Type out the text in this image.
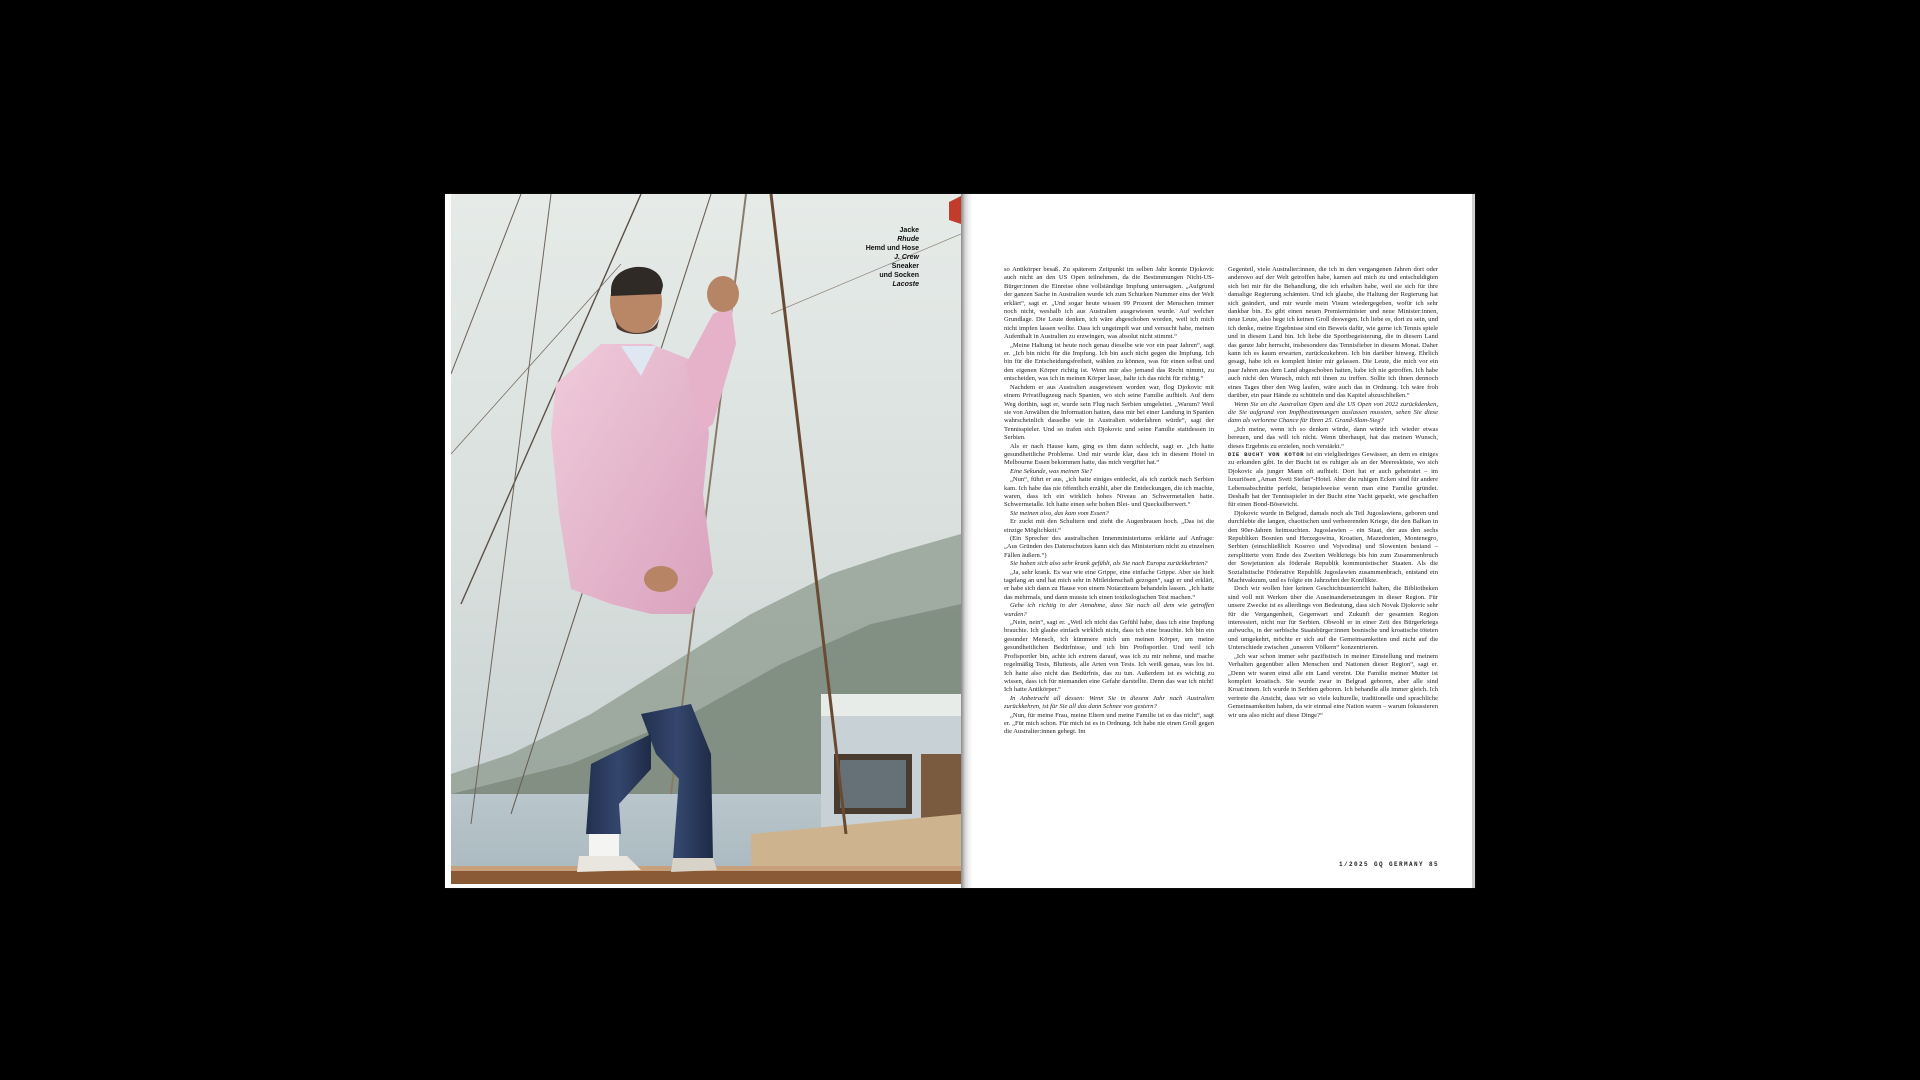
Jacke
Rhude
Hemd und Hose
J. Crew
Sneaker
und Socken
Lacoste

so Antikörper besaß. Zu späterem Zeitpunkt im selben Jahr konnte Djokovic auch nicht an den US Open teilnehmen, da die Bestimmungen Nicht-US-Bürger:innen die Einreise ohne vollständige Impfung untersagten. „Aufgrund der ganzen Sache in Australien wurde ich zum Schurken Nummer eins der Welt erklärt“, sagt er. „Und sogar heute wissen 99 Prozent der Menschen immer noch nicht, weshalb ich aus Australien ausgewiesen wurde. Auf welcher Grundlage. Die Leute denken, ich wäre abgeschoben worden, weil ich mich nicht impfen lassen wollte. Dass ich ungeimpft war und versucht habe, meinen Aufenthalt in Australien zu erzwingen, was absolut nicht stimmt.“

„Meine Haltung ist heute noch genau dieselbe wie vor ein paar Jahren“, sagt er. „Ich bin nicht für die Impfung. Ich bin auch nicht gegen die Impfung. Ich bin für die Entscheidungsfreiheit, wählen zu können, was für einen selbst und den eigenen Körper richtig ist. Wenn mir also jemand das Recht nimmt, zu entscheiden, was ich in meinen Körper lasse, halte ich das nicht für richtig.“

Nachdem er aus Australien ausgewiesen worden war, flog Djokovic mit einem Privatflugzeug nach Spanien, wo sich seine Familie aufhielt. Auf dem Weg dorthin, sagt er, wurde sein Flug nach Serbien umgeleitet. „Warum? Weil sie von Anwälten die Information hatten, dass mir bei einer Landung in Spanien wahrscheinlich dasselbe wie in Australien widerfahren würde“, sagt der Tennisspieler. Und so trafen sich Djokovic und seine Familie stattdessen in Serbien.

Als er nach Hause kam, ging es ihm dann schlecht, sagt er. „Ich hatte gesundheitliche Probleme. Und mir wurde klar, dass ich in diesem Hotel in Melbourne Essen bekommen hatte, das mich vergiftet hat.“

Eine Sekunde, was meinen Sie?

„Nun“, führt er aus, „ich hatte einiges entdeckt, als ich zurück nach Serbien kam. Ich habe das nie öffentlich erzählt, aber die Entdeckungen, die ich machte, waren, dass ich ein wirklich hohes Niveau an Schwermetallen hatte. Schwermetalle. Ich hatte einen sehr hohen Blei- und Quecksilberwert.“

Sie meinen also, das kam vom Essen?

Er zuckt mit den Schultern und zieht die Augenbrauen hoch. „Das ist die einzige Möglichkeit.“

(Ein Sprecher des australischen Innenministeriums erklärte auf Anfrage: „Aus Gründen des Datenschutzes kann sich das Ministerium nicht zu einzelnen Fällen äußern.“)

Sie haben sich also sehr krank gefühlt, als Sie nach Europa zurückkehrten?

„Ja, sehr krank. Es war wie eine Grippe, eine einfache Grippe. Aber sie hielt tagelang an und hat mich sehr in Mitleidenschaft gezogen“, sagt er und erklärt, er habe sich dann zu Hause von einem Notarztteam behandeln lassen. „Ich hatte das mehrmals, und dann musste ich einen toxikologischen Test machen.“

Gehe ich richtig in der Annahme, dass Sie nach all dem wie getroffen wurden?

„Nein, nein“, sagt er. „Weil ich nicht das Gefühl habe, dass ich eine Impfung brauchte. Ich glaube einfach wirklich nicht, dass ich eine brauchte. Ich bin ein gesunder Mensch, ich kümmere mich um meinen Körper, um meine gesundheitlichen Bedürfnisse, und ich bin Profisportler. Und weil ich Profisportler bin, achte ich extrem darauf, was ich zu mir nehme, und mache regelmäßig Tests, Bluttests, alle Arten von Tests. Ich weiß genau, was los ist. Ich hatte also nicht das Bedürfnis, das zu tun. Außerdem ist es wichtig zu wissen, dass ich für niemanden eine Gefahr darstellte. Denn das war ich nicht! Ich hatte Antikörper.“

In Anbetracht all dessen: Wenn Sie in diesem Jahr nach Australien zurückkehren, ist für Sie all das dann Schnee von gestern?

„Nun, für meine Frau, meine Eltern und meine Familie ist es das nicht“, sagt er. „Für mich schon. Für mich ist es in Ordnung. Ich habe nie einen Groll gegen die Australier:innen gehegt. Im

Gegenteil, viele Australier:innen, die ich in den vergangenen Jahren dort oder anderswo auf der Welt getroffen habe, kamen auf mich zu und entschuldigten sich bei mir für die Behandlung, die ich erhalten habe, weil sie sich für ihre damalige Regierung schämten. Und ich glaube, die Haltung der Regierung hat sich geändert, und mir wurde mein Visum wiedergegeben, wofür ich sehr dankbar bin. Es gibt einen neuen Premierminister und neue Minister:innen, neue Leute, also hege ich keinen Groll deswegen. Ich liebe es, dort zu sein, und ich denke, meine Ergebnisse sind ein Beweis dafür, wie gerne ich Tennis spiele und in diesem Land bin. Ich liebe die Sportbegeisterung, die in diesem Land das ganze Jahr herrscht, insbesondere das Tennisfieber in diesem Monat. Daher kann ich es kaum erwarten, zurückzukehren. Ich bin darüber hinweg. Ehrlich gesagt, habe ich es komplett hinter mir gelassen. Die Leute, die mich vor ein paar Jahren aus dem Land abgeschoben hatten, habe ich nie getroffen. Ich habe auch nicht den Wunsch, mich mit ihnen zu treffen. Sollte ich ihnen dennoch eines Tages über den Weg laufen, wäre auch das in Ordnung. Ich wäre froh darüber, ein paar Hände zu schütteln und das Kapitel abzuschließen.“

Wenn Sie an die Australian Open und die US Open von 2022 zurückdenken, die Sie aufgrund von Impfbestimmungen auslassen mussten, sehen Sie diese dann als verlorene Chance für Ihren 25. Grand-Slam-Sieg?

„Ich meine, wenn ich so denken würde, dann würde ich wieder etwas bereuen, und das will ich nicht. Wenn überhaupt, hat das meinen Wunsch, dieses Ergebnis zu erzielen, noch verstärkt.“

DIE BUCHT VON KOTOR ist ein vielgliedriges Gewässer, an dem es einiges zu erkunden gibt. In der Bucht ist es ruhiger als an der Meeresküste, wo sich Djokovic als junger Mann oft aufhielt. Dort hat er auch geheiratet – im luxuriösen „Aman Sveti Stefan“-Hotel. Aber die ruhigen Ecken sind für andere Lebensabschnitte perfekt, beispielsweise wenn man eine Familie gründet. Deshalb hat der Tennisspieler in der Bucht eine Yacht geparkt, wie geschaffen für einen Bond-Bösewicht.

Djokovic wurde in Belgrad, damals noch als Teil Jugoslawiens, geboren und durchlebte die langen, chaotischen und verheerenden Kriege, die den Balkan in den 90er-Jahren heimsuchten. Jugoslawien – ein Staat, der aus den sechs Republiken Bosnien und Herzegowina, Kroatien, Mazedonien, Montenegro, Serbien (einschließlich Kosovo und Vojvodina) und Slowenien bestand – zersplitterte vom Ende des Zweiten Weltkriegs bis hin zum Zusammenbruch der Sowjetunion als föderale Republik kommunistischer Staaten. Als die Sozialistische Föderative Republik Jugoslawien zusammenbrach, entstand ein Machtvakuum, und es folgte ein Jahrzehnt der Konflikte.

Doch wir wollen hier keinen Geschichtsunterricht halten, die Bibliotheken sind voll mit Werken über die Auseinandersetzungen in dieser Region. Für unsere Zwecke ist es allerdings von Bedeutung, dass sich Novak Djokovic sehr für die Vergangenheit, Gegenwart und Zukunft der gesamten Region interessiert, nicht nur für Serbien. Obwohl er in einer Zeit des Bürgerkriegs aufwuchs, in der serbische Staatsbürger:innen bosnische und kroatische töteten und umgekehrt, möchte er sich auf die Gemeinsamkeiten und nicht auf die Unterschiede zwischen „unseren Völkern“ konzentrieren.

„Ich war schon immer sehr pazifistisch in meiner Einstellung und meinem Verhalten gegenüber allen Menschen und Nationen dieser Region“, sagt er. „Denn wir waren einst alle ein Land vereint. Die Familie meiner Mutter ist komplett kroatisch. Sie wurde zwar in Belgrad geboren, aber alle sind Kroat:innen. Ich wurde in Serbien geboren. Ich behandle alle immer gleich. Ich vertrete die Ansicht, dass wir so viele kulturelle, traditionelle und sprachliche Gemeinsamkeiten haben, da wir einmal eine Nation waren – warum fokussieren wir uns also nicht auf diese Dinge?“

1/2025 GQ GERMANY 85
